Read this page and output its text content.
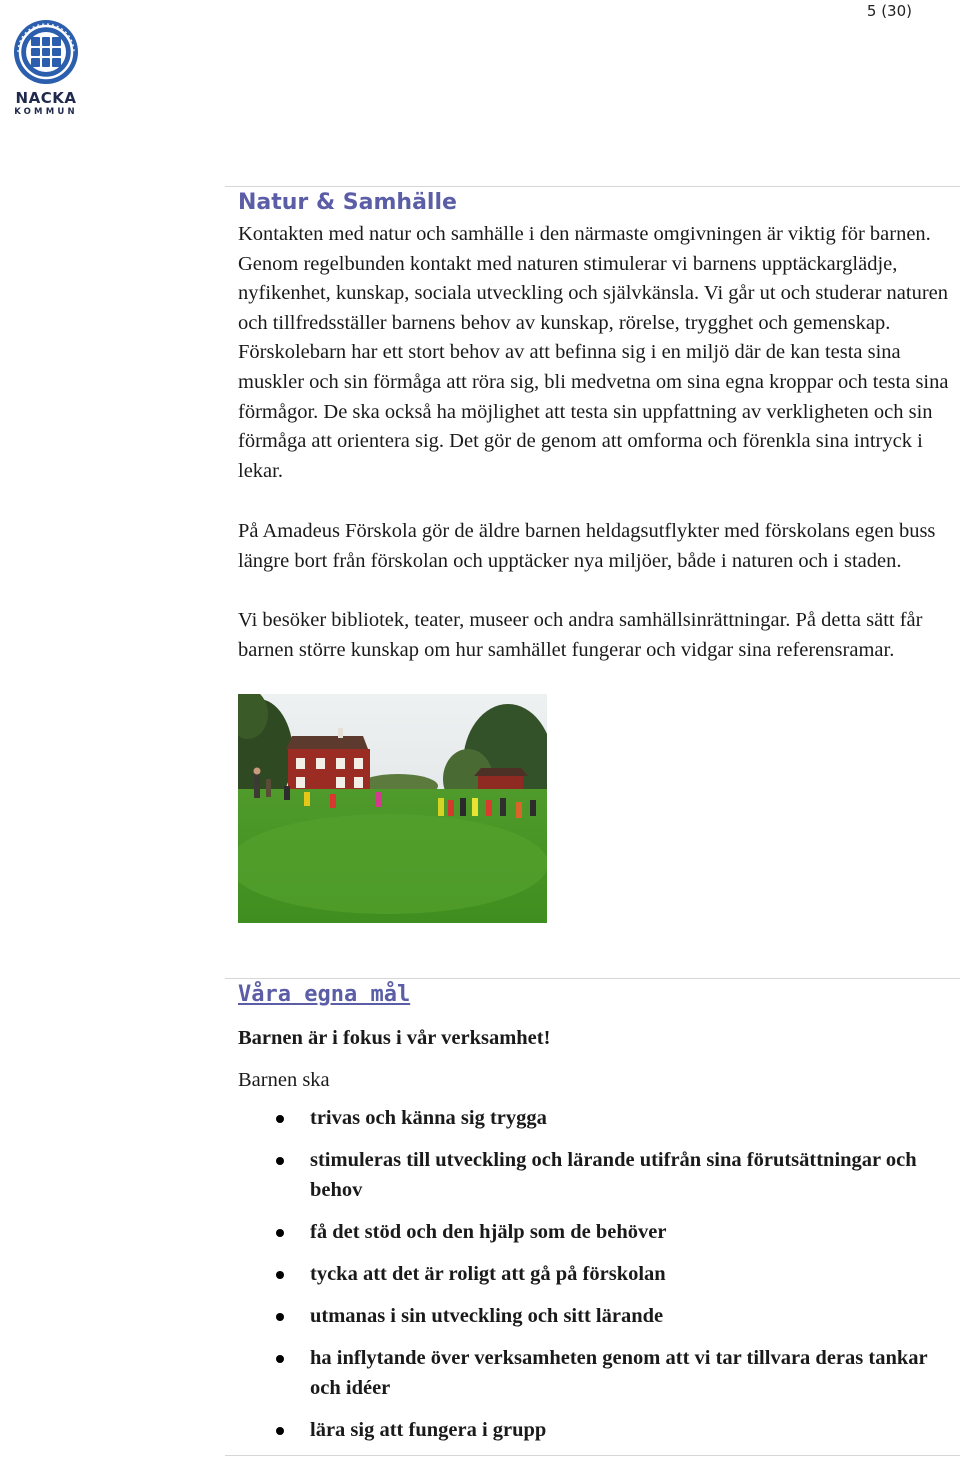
5 (30)
NACKA
KOMMUN
Natur & Samhälle

Kontakten med natur och samhälle i den närmaste omgivningen är viktig för barnen. Genom regelbunden kontakt med naturen stimulerar vi barnens upptäckarglädje, nyfikenhet, kunskap, sociala utveckling och självkänsla. Vi går ut och studerar naturen och tillfredsställer barnens behov av kunskap, rörelse, trygghet och gemenskap. Förskolebarn har ett stort behov av att befinna sig i en miljö där de kan testa sina muskler och sin förmåga att röra sig, bli medvetna om sina egna kroppar och testa sina förmågor. De ska också ha möjlighet att testa sin uppfattning av verkligheten och sin förmåga att orientera sig. Det gör de genom att omforma och förenkla sina intryck i lekar.

På Amadeus Förskola gör de äldre barnen heldagsutflykter med förskolans egen buss längre bort från förskolan och upptäcker nya miljöer, både i naturen och i staden.

Vi besöker bibliotek, teater, museer och andra samhällsinrättningar. På detta sätt får barnen större kunskap om hur samhället fungerar och vidgar sina referensramar.

Våra egna mål

Barnen är i fokus i vår verksamhet!

Barnen ska

trivas och känna sig trygga
stimuleras till utveckling och lärande utifrån sina förutsättningar och behov
få det stöd och den hjälp som de behöver
tycka att det är roligt att gå på förskolan
utmanas i sin utveckling och sitt lärande
ha inflytande över verksamheten genom att vi tar tillvara deras tankar och idéer
lära sig att fungera i grupp
